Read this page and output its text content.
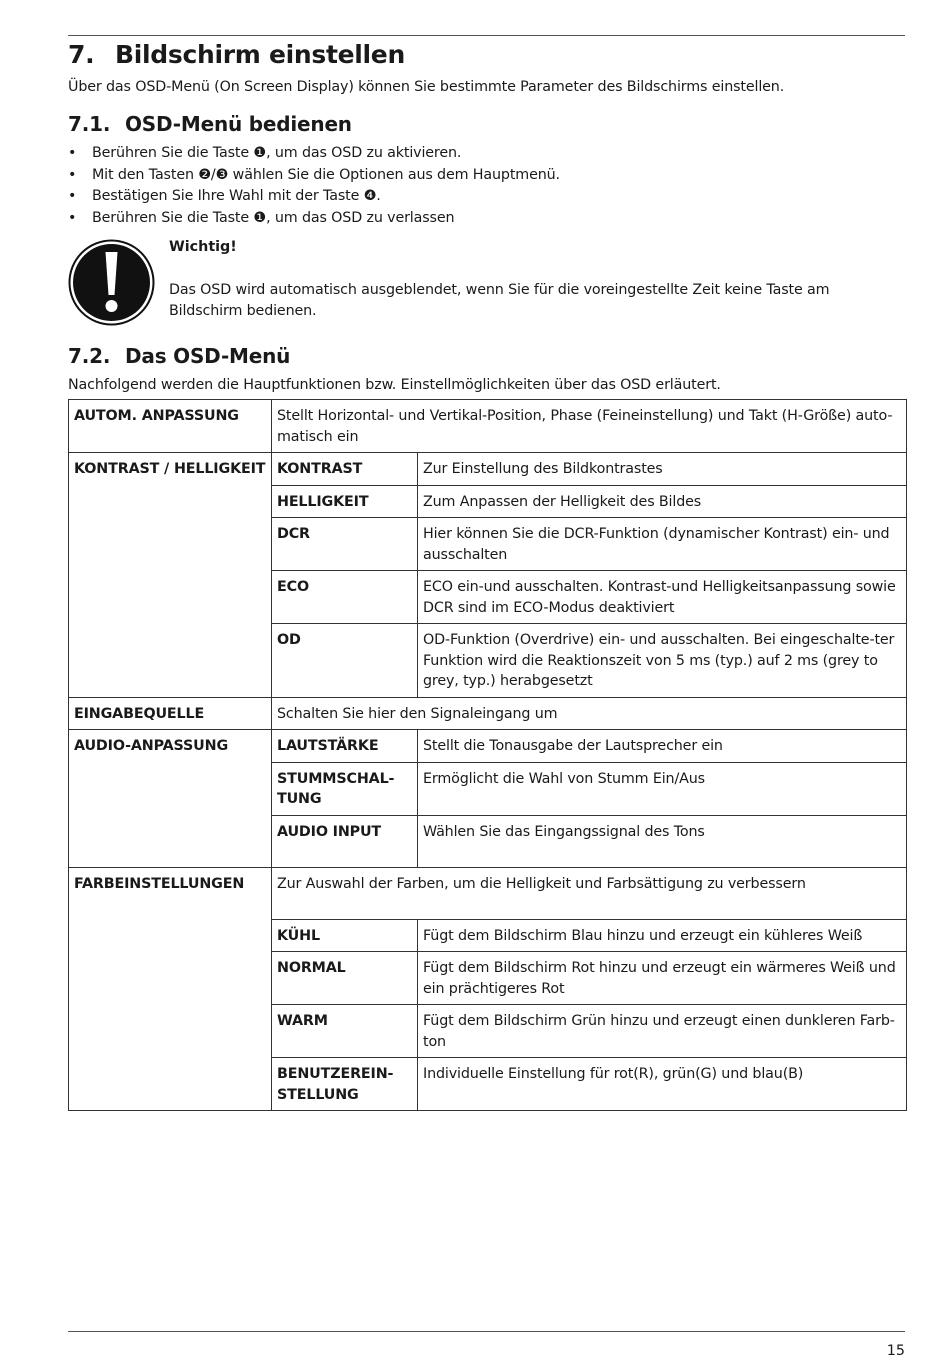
7. Bildschirm einstellen

Über das OSD-Menü (On Screen Display) können Sie bestimmte Parameter des Bildschirms einstellen.

7.1. OSD-Menü bedienen
• Berühren Sie die Taste ❶, um das OSD zu aktivieren.
• Mit den Tasten ❷/❸ wählen Sie die Optionen aus dem Hauptmenü.
• Bestätigen Sie Ihre Wahl mit der Taste ❹.
• Berühren Sie die Taste ❶, um das OSD zu verlassen
Wichtig!

Das OSD wird automatisch ausgeblendet, wenn Sie für die voreingestellte Zeit keine Taste am Bildschirm bedienen.

7.2. Das OSD-Menü

Nachfolgend werden die Hauptfunktionen bzw. Einstellmöglichkeiten über das OSD erläutert.

AUTOM. ANPASSUNG	Stellt Horizontal- und Vertikal-Position, Phase (Feineinstellung) und Takt (H-Größe) auto-matisch ein	
KONTRAST / HELLIGKEIT	KONTRAST	Zur Einstellung des Bildkontrastes
	HELLIGKEIT	Zum Anpassen der Helligkeit des Bildes
	DCR	Hier können Sie die DCR-Funktion (dynamischer Kontrast) ein- und ausschalten
	ECO	ECO ein-und ausschalten. Kontrast-und Helligkeitsanpassung sowie DCR sind im ECO-Modus deaktiviert
	OD	OD-Funktion (Overdrive) ein- und ausschalten. Bei eingeschalte-ter Funktion wird die Reaktionszeit von 5 ms (typ.) auf 2 ms (grey to grey, typ.) herabgesetzt
EINGABEQUELLE	Schalten Sie hier den Signaleingang um	
AUDIO-ANPASSUNG	LAUTSTÄRKE	Stellt die Tonausgabe der Lautsprecher ein
	STUMMSCHAL-TUNG	Ermöglicht die Wahl von Stumm Ein/Aus
	AUDIO INPUT	Wählen Sie das Eingangssignal des Tons
FARBEINSTELLUNGEN	Zur Auswahl der Farben, um die Helligkeit und Farbsättigung zu verbessern	
	KÜHL	Fügt dem Bildschirm Blau hinzu und erzeugt ein kühleres Weiß
	NORMAL	Fügt dem Bildschirm Rot hinzu und erzeugt ein wärmeres Weiß und ein prächtigeres Rot
	WARM	Fügt dem Bildschirm Grün hinzu und erzeugt einen dunkleren Farb-ton
	BENUTZEREIN-STELLUNG	Individuelle Einstellung für rot(R), grün(G) und blau(B)
15
